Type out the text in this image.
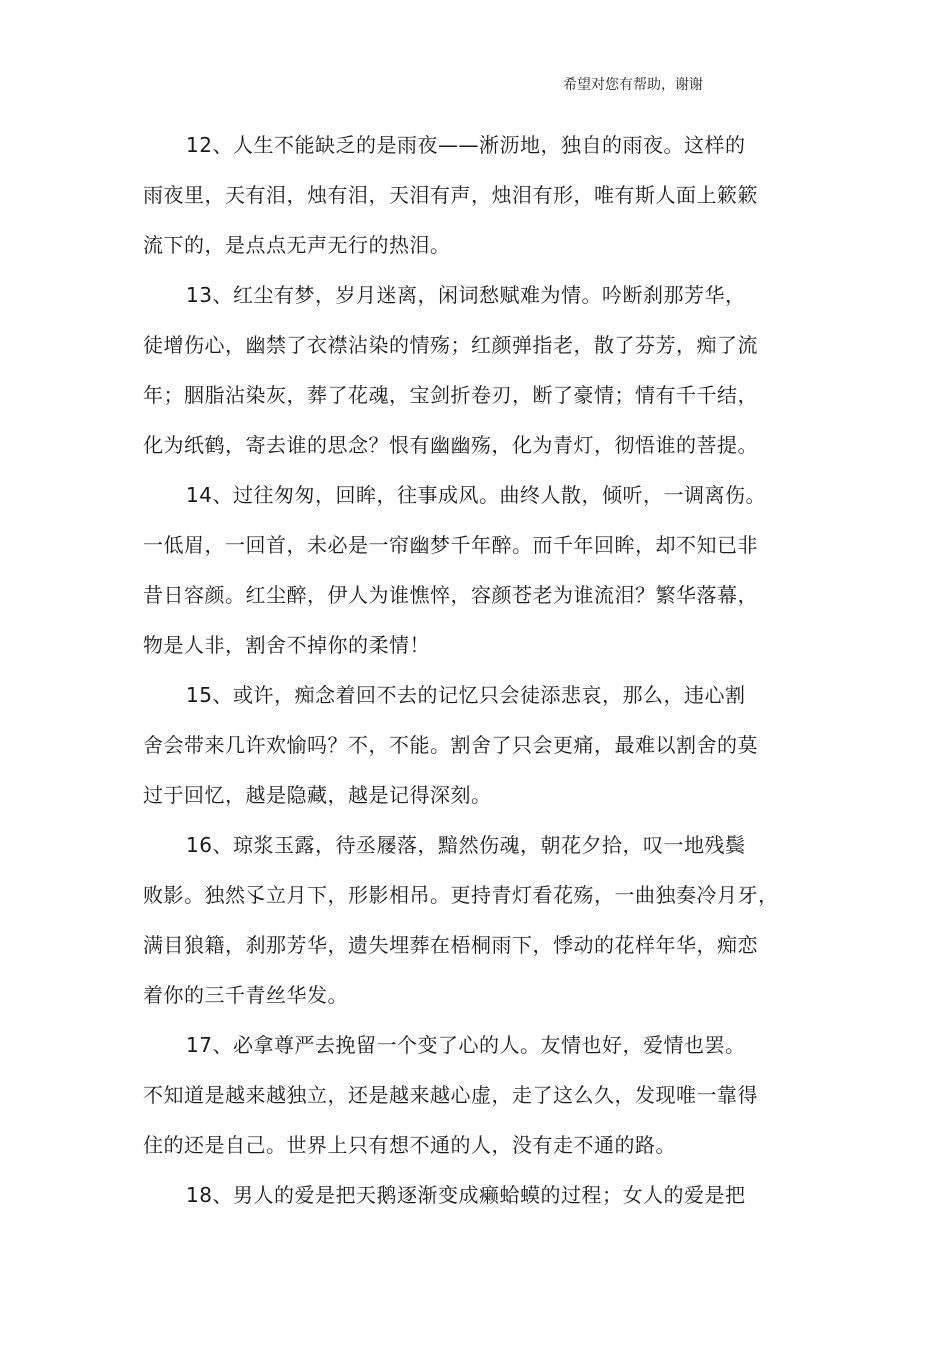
希望对您有帮助，谢谢
12、人生不能缺乏的是雨夜——淅沥地，独自的雨夜。这样的
雨夜里，天有泪，烛有泪，天泪有声，烛泪有形，唯有斯人面上簌簌
流下的，是点点无声无行的热泪。
13、红尘有梦，岁月迷离，闲词愁赋难为情。吟断刹那芳华，
徒增伤心，幽禁了衣襟沾染的情殇；红颜弹指老，散了芬芳，痴了流
年；胭脂沾染灰，葬了花魂，宝剑折卷刃，断了豪情；情有千千结，
化为纸鹤，寄去谁的思念？恨有幽幽殇，化为青灯，彻悟谁的菩提。
14、过往匆匆，回眸，往事成风。曲终人散，倾听，一调离伤。
一低眉，一回首，未必是一帘幽梦千年醉。而千年回眸，却不知已非
昔日容颜。红尘醉，伊人为谁憔悴，容颜苍老为谁流泪？繁华落幕，
物是人非，割舍不掉你的柔情！
15、或许，痴念着回不去的记忆只会徒添悲哀，那么，违心割
舍会带来几许欢愉吗？不，不能。割舍了只会更痛，最难以割舍的莫
过于回忆，越是隐藏，越是记得深刻。
16、琼浆玉露，待丞屦落，黯然伤魂，朝花夕拾，叹一地残鬓
败影。独然孓立月下，形影相吊。更持青灯看花殇，一曲独奏冷月牙，
满目狼籍，刹那芳华，遗失埋葬在梧桐雨下，悸动的花样年华，痴恋
着你的三千青丝华发。
17、必拿尊严去挽留一个变了心的人。友情也好，爱情也罢。
不知道是越来越独立，还是越来越心虚，走了这么久，发现唯一靠得
住的还是自己。世界上只有想不通的人，没有走不通的路。
18、男人的爱是把天鹅逐渐变成癞蛤蟆的过程；女人的爱是把
